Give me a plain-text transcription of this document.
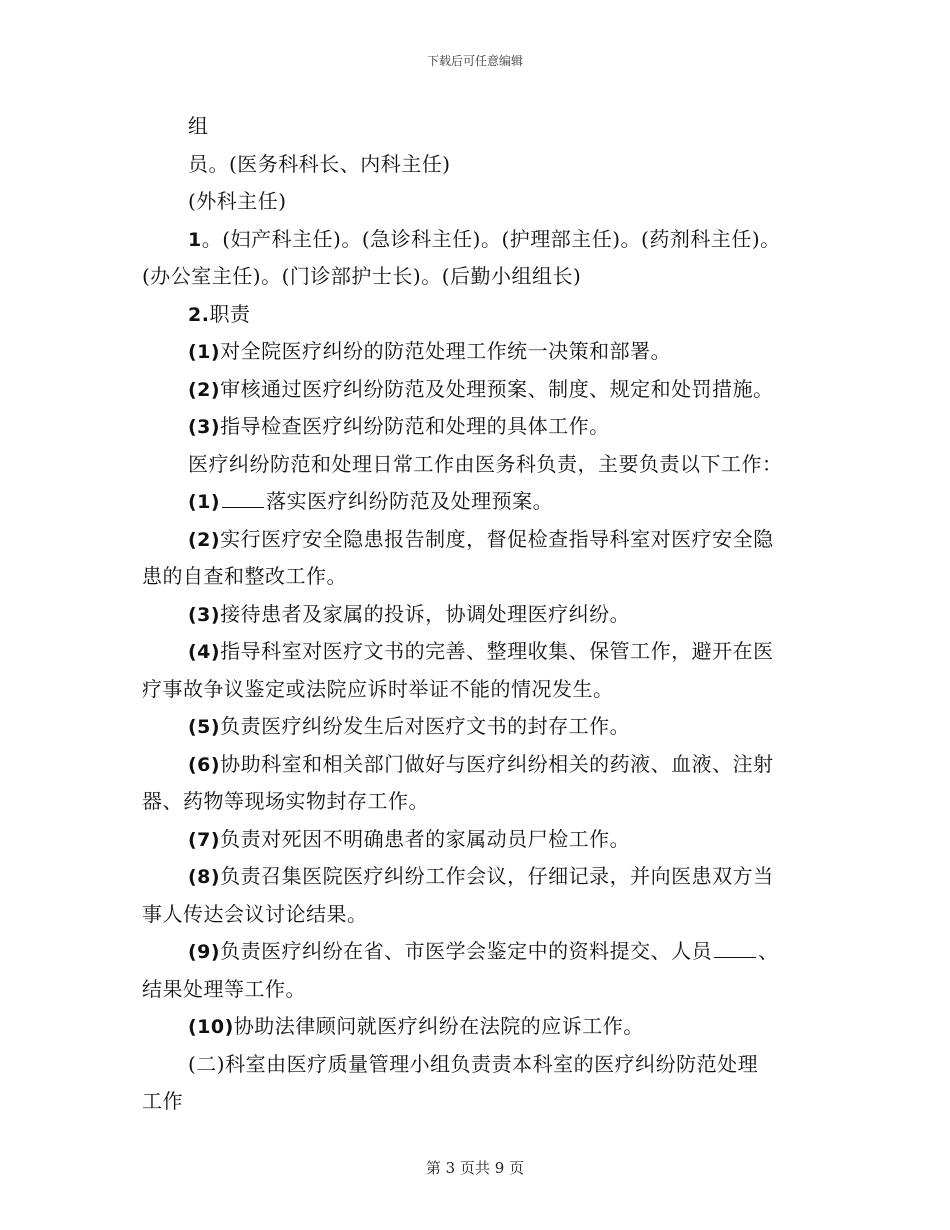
下载后可任意编辑
组
员。(医务科科长、内科主任)
(外科主任)
1。(妇产科主任)。(急诊科主任)。(护理部主任)。(药剂科主任)。
(办公室主任)。(门诊部护士长)。(后勤小组组长)
2.职责
(1)对全院医疗纠纷的防范处理工作统一决策和部署。
(2)审核通过医疗纠纷防范及处理预案、制度、规定和处罚措施。
(3)指导检查医疗纠纷防范和处理的具体工作。
医疗纠纷防范和处理日常工作由医务科负责，主要负责以下工作：
(1) 落实医疗纠纷防范及处理预案。
(2)实行医疗安全隐患报告制度，督促检查指导科室对医疗安全隐
患的自查和整改工作。
(3)接待患者及家属的投诉，协调处理医疗纠纷。
(4)指导科室对医疗文书的完善、整理收集、保管工作，避开在医
疗事故争议鉴定或法院应诉时举证不能的情况发生。
(5)负责医疗纠纷发生后对医疗文书的封存工作。
(6)协助科室和相关部门做好与医疗纠纷相关的药液、血液、注射
器、药物等现场实物封存工作。
(7)负责对死因不明确患者的家属动员尸检工作。
(8)负责召集医院医疗纠纷工作会议，仔细记录，并向医患双方当
事人传达会议讨论结果。
(9)负责医疗纠纷在省、市医学会鉴定中的资料提交、人员 、
结果处理等工作。
(10)协助法律顾问就医疗纠纷在法院的应诉工作。
(二)科室由医疗质量管理小组负责责本科室的医疗纠纷防范处理
工作
第 3 页共 9 页
